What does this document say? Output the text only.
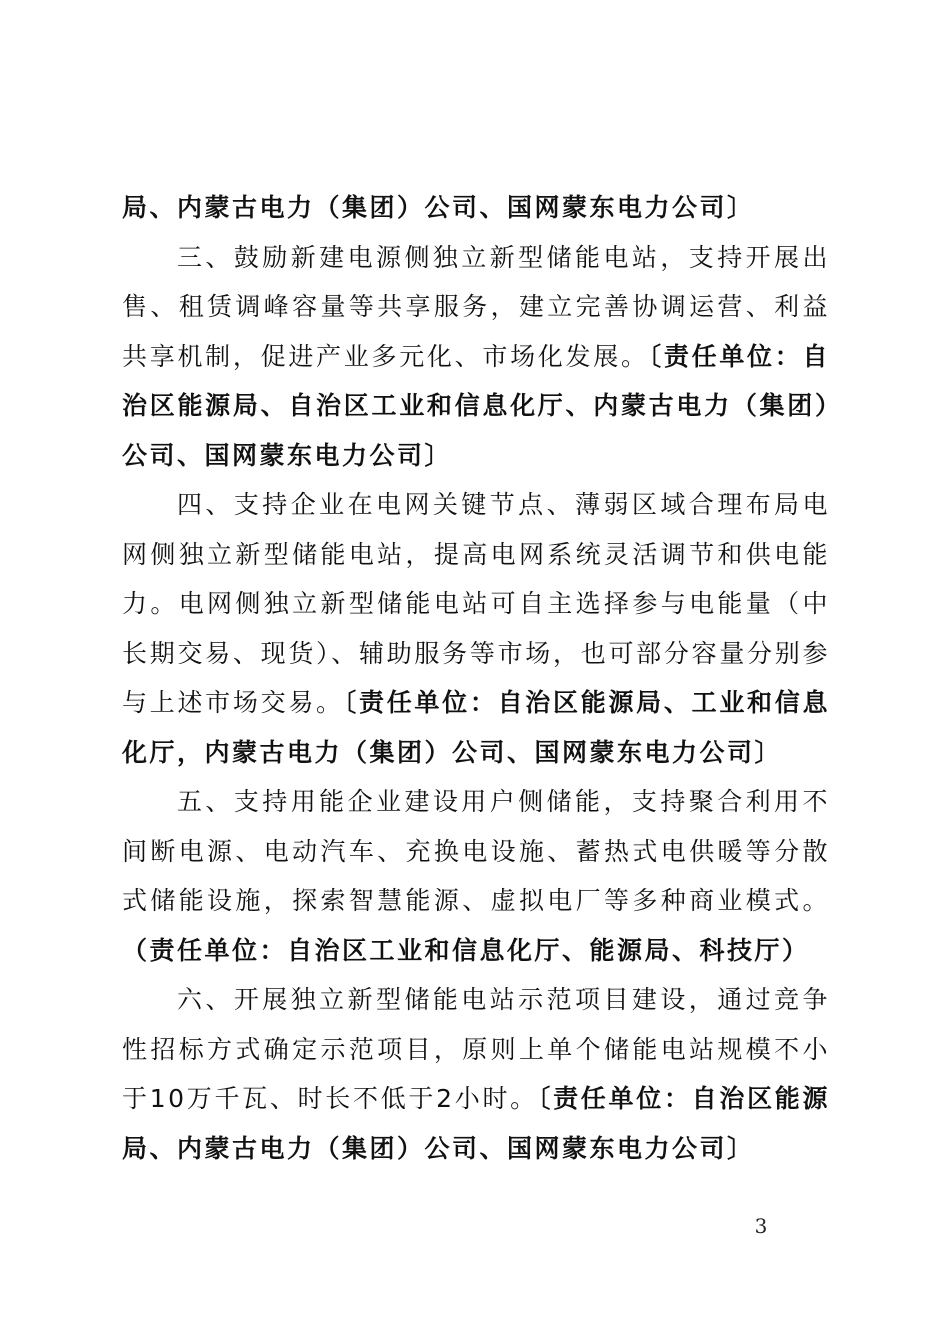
局、内蒙古电力（集团）公司、国网蒙东电力公司〕

三、鼓励新建电源侧独立新型储能电站，支持开展出售、租赁调峰容量等共享服务，建立完善协调运营、利益共享机制，促进产业多元化、市场化发展。〔责任单位：自治区能源局、自治区工业和信息化厅、内蒙古电力（集团）公司、国网蒙东电力公司〕

四、支持企业在电网关键节点、薄弱区域合理布局电网侧独立新型储能电站，提高电网系统灵活调节和供电能力。电网侧独立新型储能电站可自主选择参与电能量（中长期交易、现货）、辅助服务等市场，也可部分容量分别参与上述市场交易。〔责任单位：自治区能源局、工业和信息化厅，内蒙古电力（集团）公司、国网蒙东电力公司〕

五、支持用能企业建设用户侧储能，支持聚合利用不间断电源、电动汽车、充换电设施、蓄热式电供暖等分散式储能设施，探索智慧能源、虚拟电厂等多种商业模式。（责任单位：自治区工业和信息化厅、能源局、科技厅）

六、开展独立新型储能电站示范项目建设，通过竞争性招标方式确定示范项目，原则上单个储能电站规模不小于10万千瓦、时长不低于2小时。〔责任单位：自治区能源局、内蒙古电力（集团）公司、国网蒙东电力公司〕

3
